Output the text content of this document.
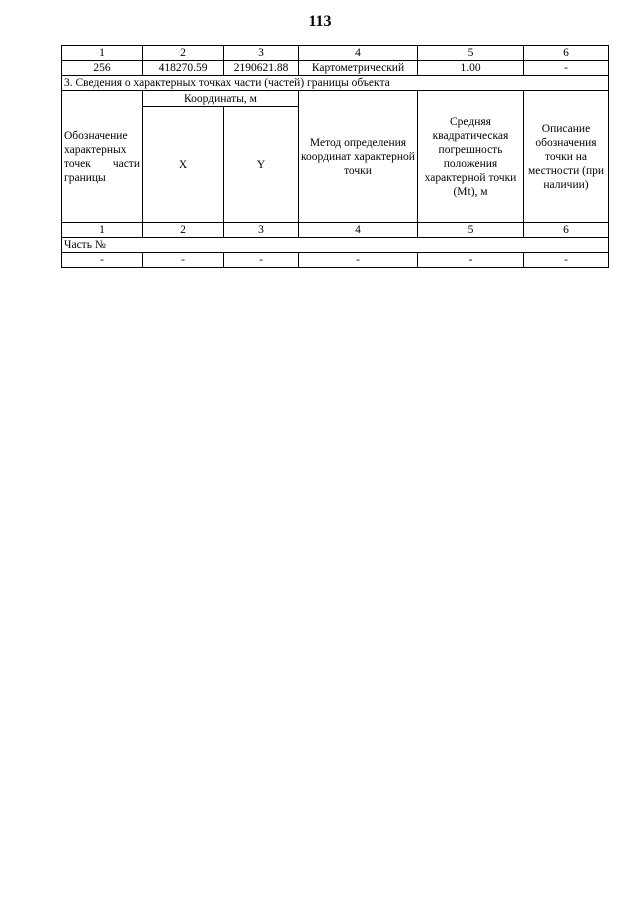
113
1	2	3	4	5	6
256	418270.59	2190621.88	Картометрический	1.00	-
3. Сведения о характерных точках части (частей) границы объекта					
Обозначение характерных точек части границы	Координаты, м		Метод определения координат характерной точки	Средняя квадратическая погрешность положения характерной точки (Mt), м	Описание обозначения точки на местности (при наличии)
	X	Y			
1	2	3	4	5	6
Часть №					
-	-	-	-	-	-
